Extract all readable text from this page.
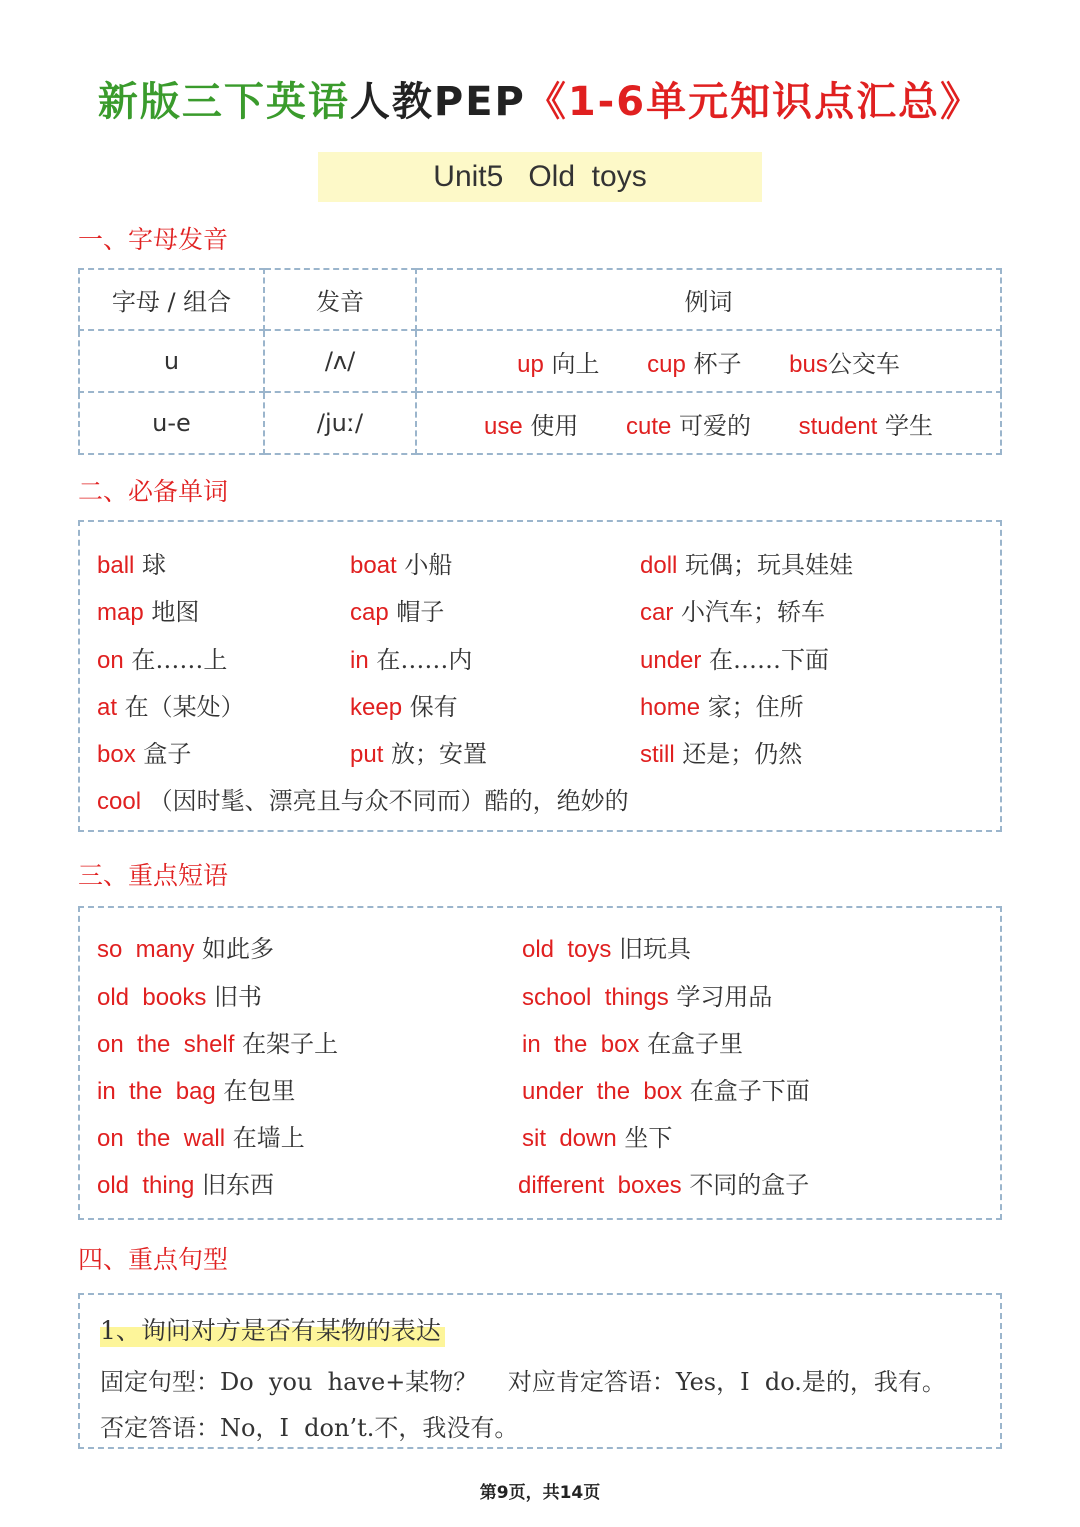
新版三下英语人教PEP《1-6单元知识点汇总》
Unit5   Old  toys
一、字母发音
字母 / 组合	发音	例词
u	/ʌ/	up 向上 cup 杯子 bus公交车
u-e	/juː/	use 使用 cute 可爱的 student 学生
二、必备单词
ball 球	boat 小船	doll 玩偶；玩具娃娃
map 地图	cap 帽子	car 小汽车；轿车
on 在……上	in 在……内	under 在……下面
at 在（某处）	keep 保有	home 家；住所
box 盒子	put 放；安置	still 还是；仍然
cool （因时髦、漂亮且与众不同而）酷的，绝妙的
三、重点短语
so  many 如此多	old  toys 旧玩具
old  books 旧书	school  things 学习用品
on  the  shelf 在架子上	in  the  box 在盒子里
in  the  bag 在包里	under  the  box 在盒子下面
on  the  wall 在墙上	sit  down 坐下
old  thing 旧东西	different  boxes 不同的盒子
四、重点句型
1、询问对方是否有某物的表达
固定句型：Do  you  have+某物？    对应肯定答语：Yes，I  do.是的，我有。
否定答语：No，I  don’t.不，我没有。
第9页，共14页
